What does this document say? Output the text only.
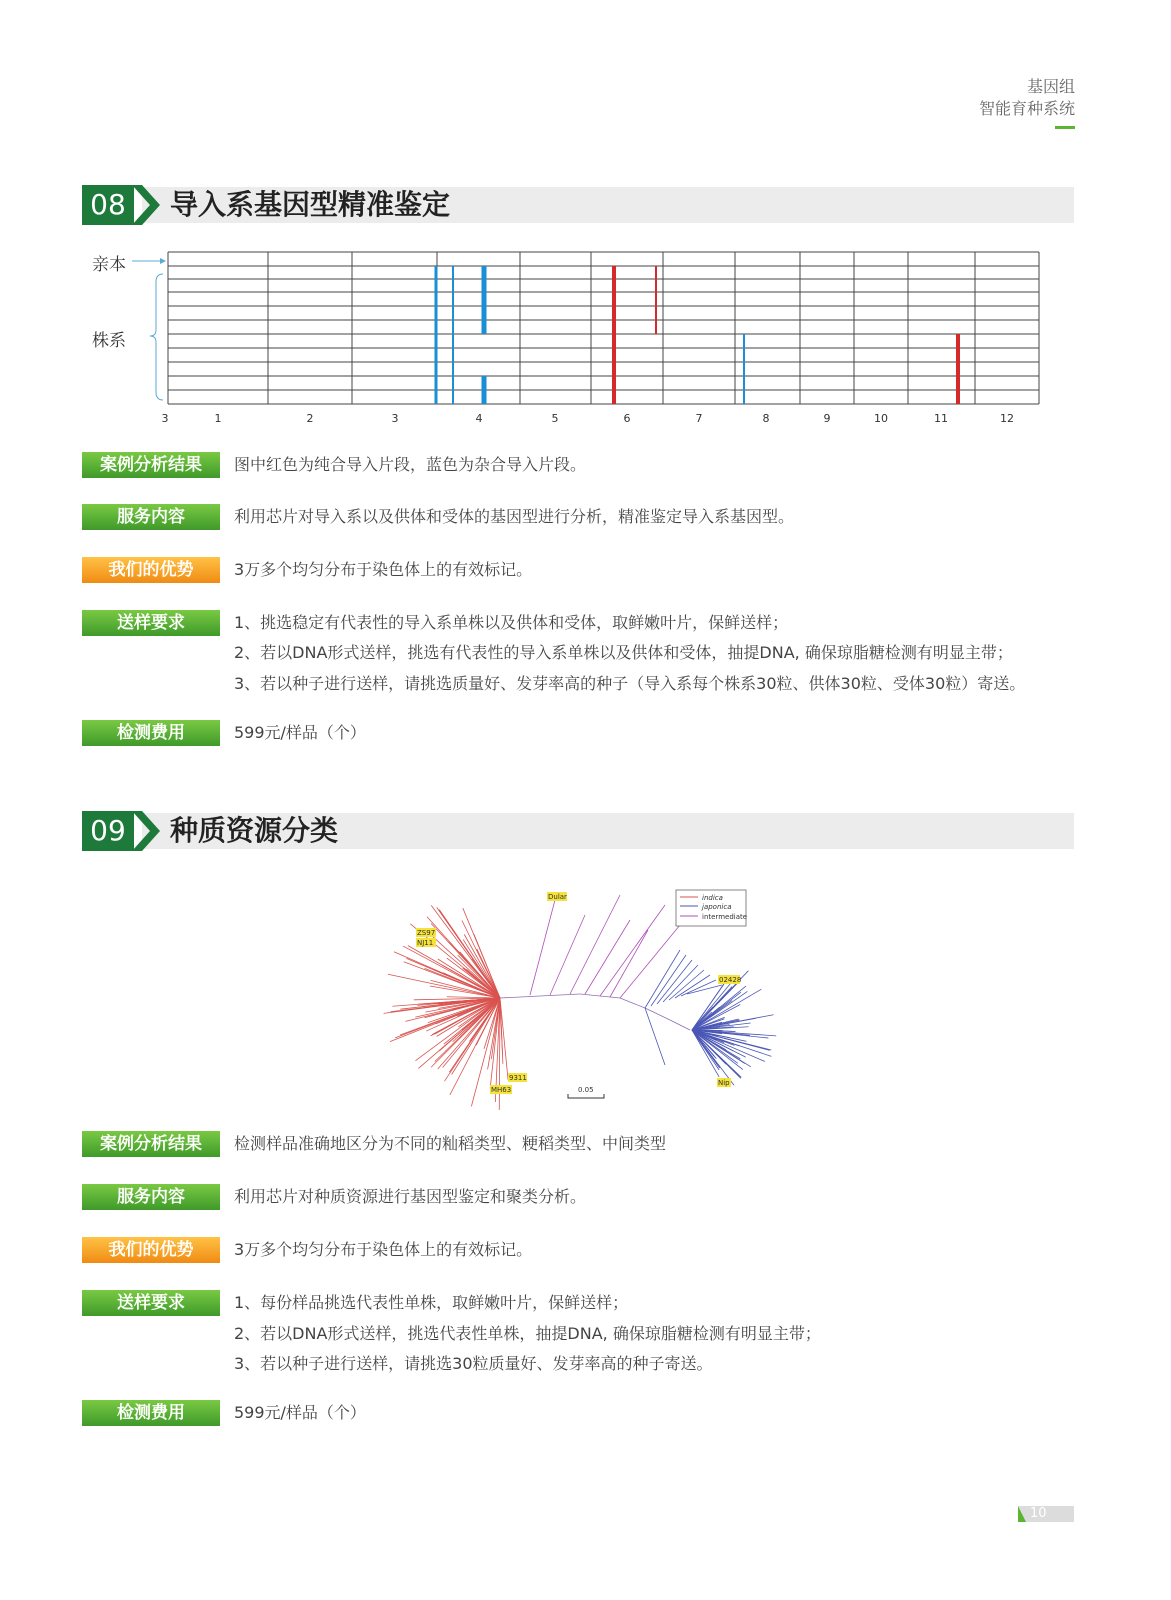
基因组
智能育种系统
08 导入系基因型精准鉴定
亲本
株系
3	1	2	3	4	5	6	7	8	9	10	11	12
案例分析结果	图中红色为纯合导入片段，蓝色为杂合导入片段。
服务内容	利用芯片对导入系以及供体和受体的基因型进行分析，精准鉴定导入系基因型。
我们的优势	3万多个均匀分布于染色体上的有效标记。
送样要求	1、挑选稳定有代表性的导入系单株以及供体和受体，取鲜嫩叶片，保鲜送样；
2、若以DNA形式送样，挑选有代表性的导入系单株以及供体和受体，抽提DNA, 确保琼脂糖检测有明显主带；
3、若以种子进行送样，请挑选质量好、发芽率高的种子（导入系每个株系30粒、供体30粒、受体30粒）寄送。
检测费用	599元/样品（个）
09 种质资源分类
indica
japonica
intermediate
Dular
ZS97
NJ11
02428
Nip
9311
MH63	0.05
案例分析结果	检测样品准确地区分为不同的籼稻类型、粳稻类型、中间类型
服务内容	利用芯片对种质资源进行基因型鉴定和聚类分析。
我们的优势	3万多个均匀分布于染色体上的有效标记。
送样要求	1、每份样品挑选代表性单株，取鲜嫩叶片，保鲜送样；
2、若以DNA形式送样，挑选代表性单株，抽提DNA, 确保琼脂糖检测有明显主带；
3、若以种子进行送样，请挑选30粒质量好、发芽率高的种子寄送。
检测费用	599元/样品（个）
10
